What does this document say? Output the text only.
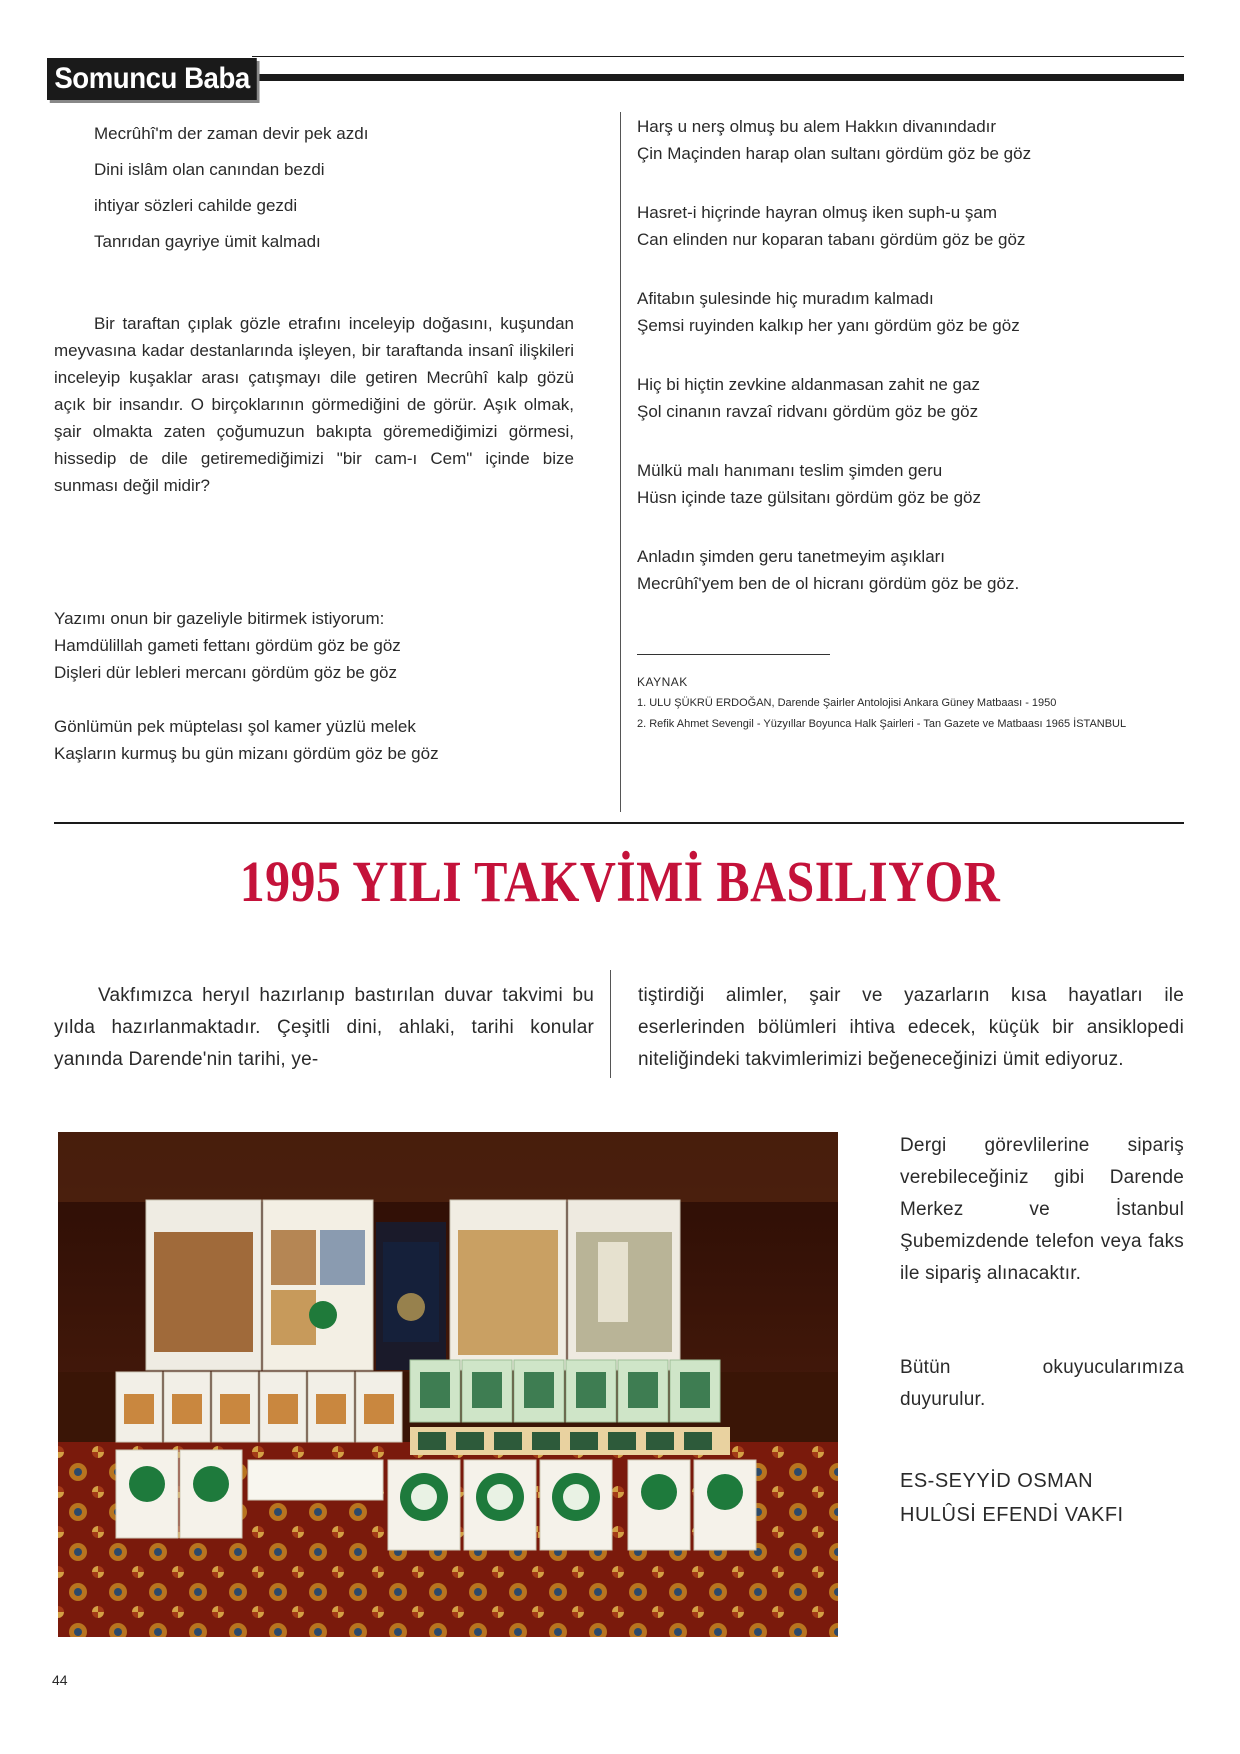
Somuncu Baba

Mecrûhî'm der zaman devir pek azdı

Dini islâm olan canından bezdi

ihtiyar sözleri cahilde gezdi

Tanrıdan gayriye ümit kalmadı

Bir taraftan çıplak gözle etrafını inceleyip doğasını, kuşundan meyvasına kadar destanlarında işleyen, bir taraftanda insanî ilişkileri inceleyip kuşaklar arası çatışmayı dile getiren Mecrûhî kalp gözü açık bir insandır. O birçoklarının görmediğini de görür. Aşık olmak, şair olmakta zaten çoğumuzun bakıpta göremediğimizi görmesi, hissedip de dile getiremediğimizi "bir cam-ı Cem" içinde bize sunması değil midir?

Yazımı onun bir gazeliyle bitirmek istiyorum:

Hamdülillah gameti fettanı gördüm göz be göz

Dişleri dür lebleri mercanı gördüm göz be göz

Gönlümün pek müptelası şol kamer yüzlü melek

Kaşların kurmuş bu gün mizanı gördüm göz be göz

Harş u nerş olmuş bu alem Hakkın divanındadır

Çin Maçinden harap olan sultanı gördüm göz be göz

Hasret-i hiçrinde hayran olmuş iken suph-u şam

Can elinden nur koparan tabanı gördüm göz be göz

Afitabın şulesinde hiç muradım kalmadı

Şemsi ruyinden kalkıp her yanı gördüm göz be göz

Hiç bi hiçtin zevkine aldanmasan zahit ne gaz

Şol cinanın ravzaî ridvanı gördüm göz be göz

Mülkü malı hanımanı teslim şimden geru

Hüsn içinde taze gülsitanı gördüm göz be göz

Anladın şimden geru tanetmeyim aşıkları

Mecrûhî'yem ben de ol hicranı gördüm göz be göz.

KAYNAK

1. ULU ŞÜKRÜ ERDOĞAN, Darende Şairler Antolojisi Ankara Güney Matbaası - 1950

2. Refik Ahmet Sevengil - Yüzyıllar Boyunca Halk Şairleri - Tan Gazete ve Matbaası 1965 İSTANBUL

1995 YILI TAKVİMİ BASILIYOR

Vakfımızca heryıl hazırlanıp bastırılan duvar takvimi bu yılda hazırlanmaktadır. Çeşitli dini, ahlaki, tarihi konular yanında Darende'nin tarihi, ye-

tiştirdiği alimler, şair ve yazarların kısa hayatları ile eserlerinden bölümleri ihtiva edecek, küçük bir ansiklopedi niteliğindeki takvimlerimizi beğeneceğinizi ümit ediyoruz.

Dergi görevlilerine sipariş verebileceğiniz gibi Darende Merkez ve İstanbul Şubemizdende telefon veya faks ile sipariş alınacaktır.

Bütün okuyucularımıza duyurulur.

ES-SEYYİD OSMAN

HULÛSİ EFENDİ VAKFI

44
